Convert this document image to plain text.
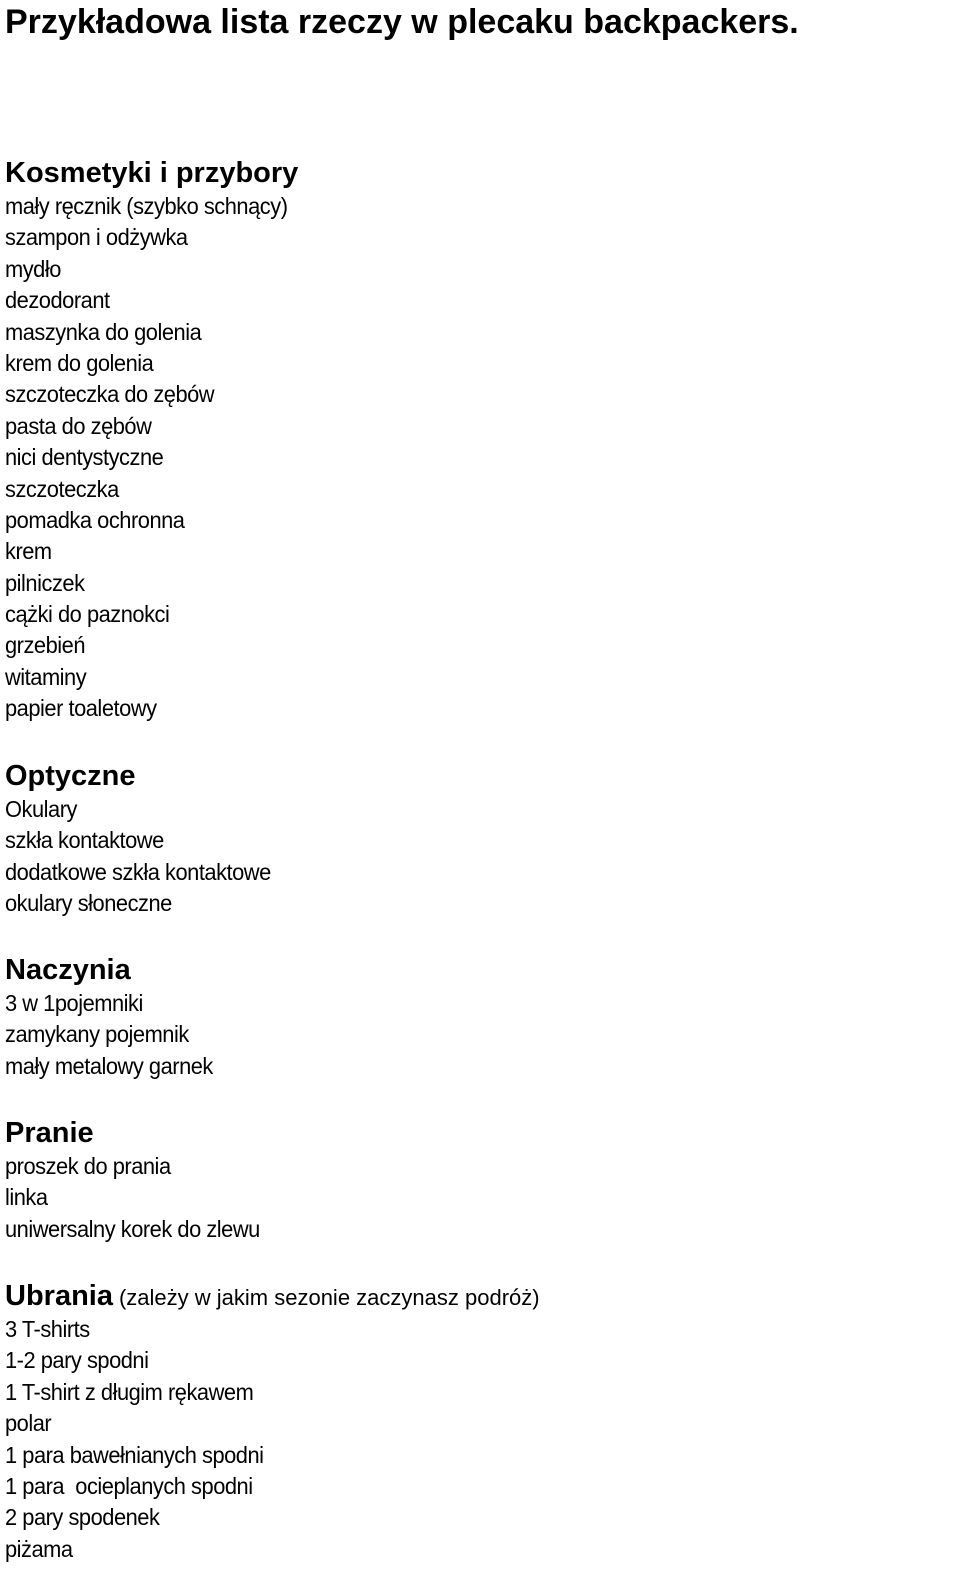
Przykładowa lista rzeczy w plecaku backpackers.
Kosmetyki i przybory
mały ręcznik (szybko schnący)
szampon i odżywka
mydło
dezodorant
maszynka do golenia
krem do golenia
szczoteczka do zębów
pasta do zębów
nici dentystyczne
szczoteczka
pomadka ochronna
krem
pilniczek
cążki do paznokci
grzebień
witaminy
papier toaletowy
Optyczne
Okulary
szkła kontaktowe
dodatkowe szkła kontaktowe
okulary słoneczne
Naczynia
3 w 1pojemniki
zamykany pojemnik
mały metalowy garnek
Pranie
proszek do prania
linka
uniwersalny korek do zlewu
Ubrania (zależy w jakim sezonie zaczynasz podróż)
3 T-shirts
1-2 pary spodni
1 T-shirt z długim rękawem
polar
1 para bawełnianych spodni
1 para  ocieplanych spodni
2 pary spodenek
piżama
